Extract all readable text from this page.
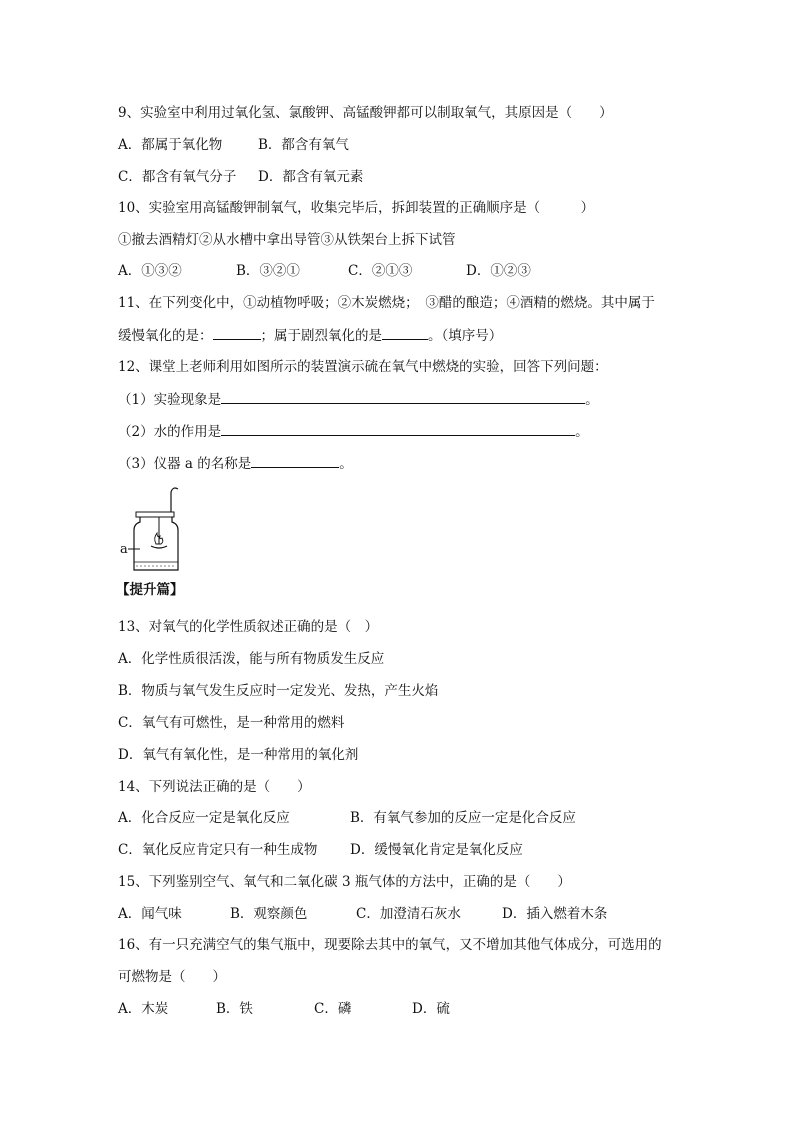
9、实验室中利用过氧化氢、氯酸钾、高锰酸钾都可以制取氧气，其原因是（　　）
A．都属于氧化物	B．都含有氧气
C．都含有氧气分子 D．都含有氧元素
10、实验室用高锰酸钾制氧气，收集完毕后，拆卸装置的正确顺序是（　　　）
①撤去酒精灯②从水槽中拿出导管③从铁架台上拆下试管
A．①③②	B．③②①	C．②①③	D．①②③
11、在下列变化中，①动植物呼吸；②木炭燃烧；　③醋的酿造；④酒精的燃烧。其中属于
缓慢氧化的是：	；属于剧烈氧化的是	。（填序号）
12、课堂上老师利用如图所示的装置演示硫在氧气中燃烧的实验，回答下列问题：
（1）实验现象是	。
（2）水的作用是	。
（3）仪器 a 的名称是	。
a
【提升篇】
13、对氧气的化学性质叙述正确的是（　）
A．化学性质很活泼，能与所有物质发生反应
B．物质与氧气发生反应时一定发光、发热，产生火焰
C．氧气有可燃性，是一种常用的燃料
D．氧气有氧化性，是一种常用的氧化剂
14、下列说法正确的是（　　）
A．化合反应一定是氧化反应	B．有氧气参加的反应一定是化合反应
C．氧化反应肯定只有一种生成物 D．缓慢氧化肯定是氧化反应
15、下列鉴别空气、氧气和二氧化碳 3 瓶气体的方法中，正确的是（　　）
A．闻气味	B．观察颜色	C．加澄清石灰水	D．插入燃着木条
16、有一只充满空气的集气瓶中，现要除去其中的氧气，又不增加其他气体成分，可选用的
可燃物是（　　）
A．木炭	B．铁	C．磷	D．硫
